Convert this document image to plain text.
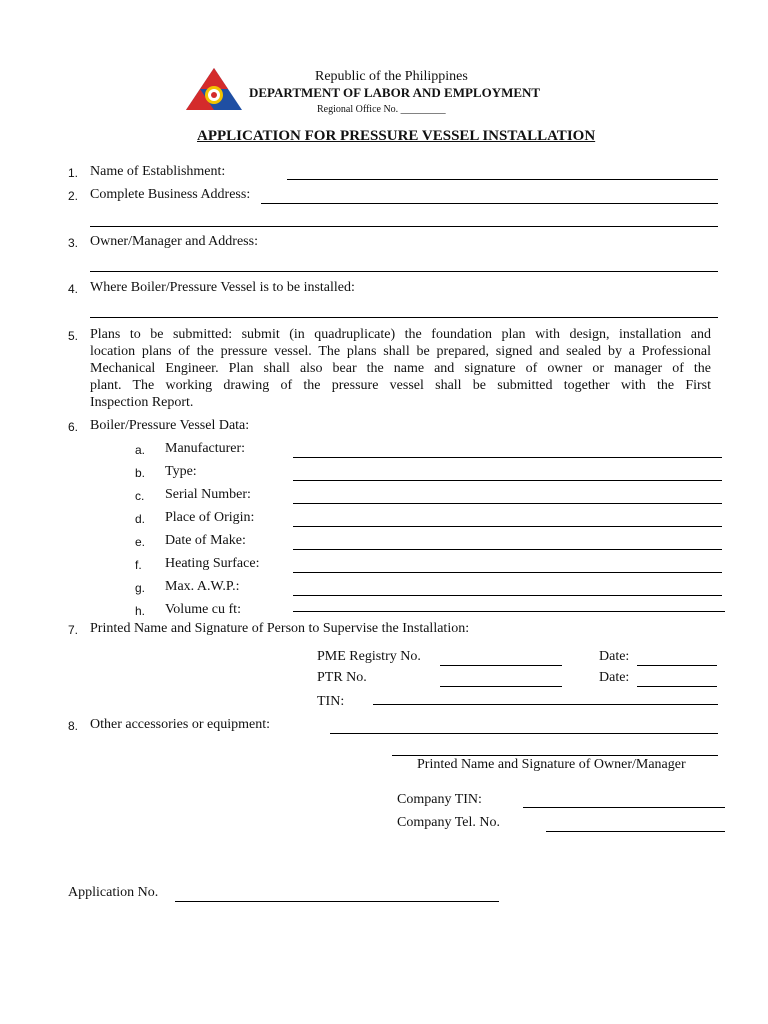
Republic of the Philippines
DEPARTMENT OF LABOR AND EMPLOYMENT
Regional Office No. _________
APPLICATION FOR PRESSURE VESSEL INSTALLATION
1. Name of Establishment:
2. Complete Business Address:
3. Owner/Manager and Address:
4. Where Boiler/Pressure Vessel is to be installed:
5. Plans to be submitted: submit (in quadruplicate) the foundation plan with design, installation and
location plans of the pressure vessel. The plans shall be prepared, signed and sealed by a Professional
Mechanical Engineer. Plan shall also bear the name and signature of owner or manager of the
plant. The working drawing of the pressure vessel shall be submitted together with the First
Inspection Report.
6. Boiler/Pressure Vessel Data:
a. Manufacturer:
b. Type:
c. Serial Number:
d. Place of Origin:
e. Date of Make:
f. Heating Surface:
g. Max. A.W.P.:
h. Volume cu ft:
7. Printed Name and Signature of Person to Supervise the Installation:
PME Registry No.	Date:
PTR No.	Date:
TIN:
8. Other accessories or equipment:
Printed Name and Signature of Owner/Manager
Company TIN:
Company Tel. No.
Application No.
